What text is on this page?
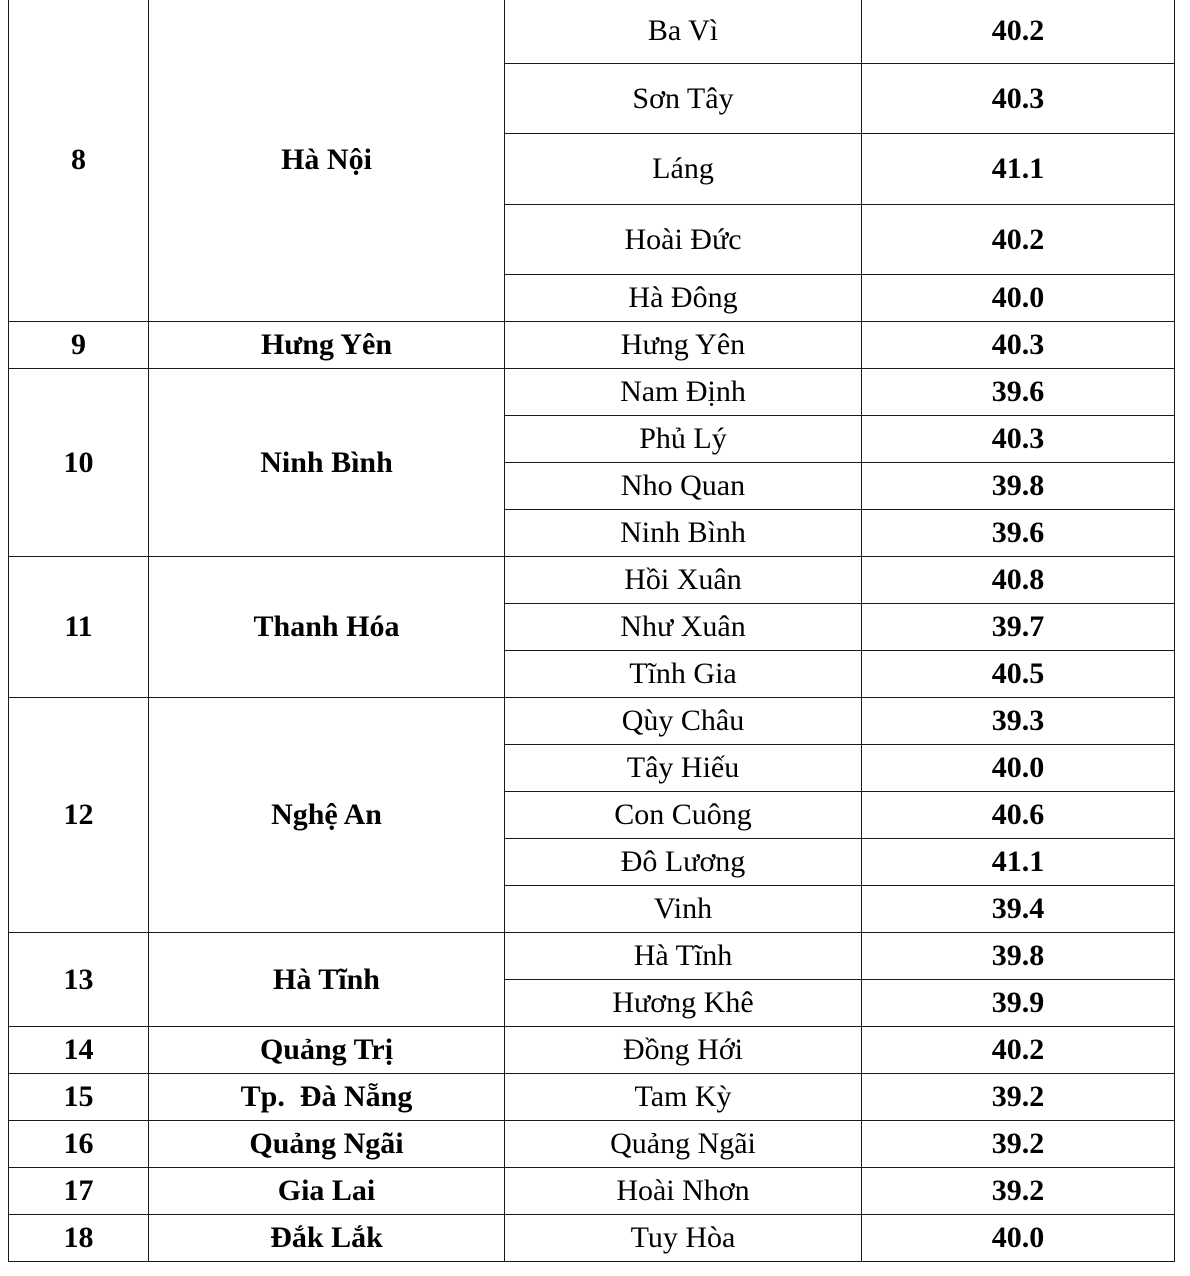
8	Hà Nội	Ba Vì	40.2
		Sơn Tây	40.3
		Láng	41.1
		Hoài Đức	40.2
		Hà Đông	40.0
9	Hưng Yên	Hưng Yên	40.3
10	Ninh Bình	Nam Định	39.6
		Phủ Lý	40.3
		Nho Quan	39.8
		Ninh Bình	39.6
11	Thanh Hóa	Hồi Xuân	40.8
		Như Xuân	39.7
		Tĩnh Gia	40.5
12	Nghệ An	Qùy Châu	39.3
		Tây Hiếu	40.0
		Con Cuông	40.6
		Đô Lương	41.1
		Vinh	39.4
13	Hà Tĩnh	Hà Tĩnh	39.8
		Hương Khê	39.9
14	Quảng Trị	Đồng Hới	40.2
15	Tp.  Đà Nẵng	Tam Kỳ	39.2
16	Quảng Ngãi	Quảng Ngãi	39.2
17	Gia Lai	Hoài Nhơn	39.2
18	Đắk Lắk	Tuy Hòa	40.0
